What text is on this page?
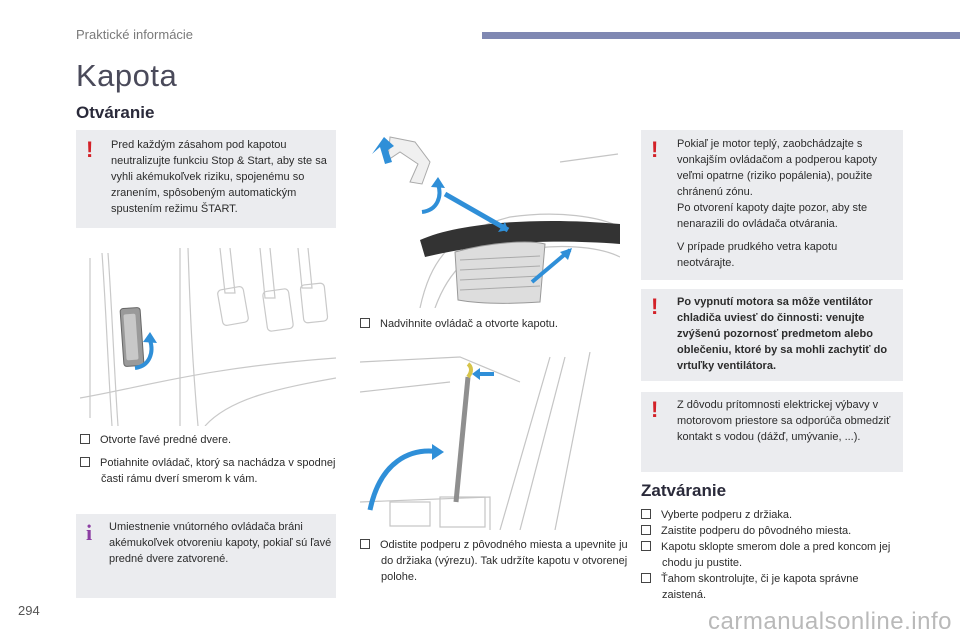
Praktické informácie
Kapota
Otváranie
! Pred každým zásahom pod kapotou neutralizujte funkciu Stop & Start, aby ste sa vyhli akémukoľvek riziku, spojenému so zranením, spôsobeným automatickým spustením režimu ŠTART.
Otvorte ľavé predné dvere.
Potiahnite ovládač, ktorý sa nachádza v spodnej časti rámu dverí smerom k vám.
i Umiestnenie vnútorného ovládača bráni akémukoľvek otvoreniu kapoty, pokiaľ sú ľavé predné dvere zatvorené.
Nadvihnite ovládač a otvorte kapotu.
Odistite podperu z pôvodného miesta a upevnite ju do držiaka (výrezu). Tak udržíte kapotu v otvorenej polohe.
! Pokiaľ je motor teplý, zaobchádzajte s vonkajším ovládačom a podperou kapoty veľmi opatrne (riziko popálenia), použite chránenú zónu.
Po otvorení kapoty dajte pozor, aby ste nenarazili do ovládača otvárania.
V prípade prudkého vetra kapotu neotvárajte.
! Po vypnutí motora sa môže ventilátor chladiča uviesť do činnosti: venujte zvýšenú pozornosť predmetom alebo oblečeniu, ktoré by sa mohli zachytiť do vrtuľky ventilátora.
! Z dôvodu prítomnosti elektrickej výbavy v motorovom priestore sa odporúča obmedziť kontakt s vodou (dážď, umývanie, ...).
Zatváranie
Vyberte podperu z držiaka.
Zaistite podperu do pôvodného miesta.
Kapotu sklopte smerom dole a pred koncom jej chodu ju pustite.
Ťahom skontrolujte, či je kapota správne zaistená.
294	carmanualsonline.info
